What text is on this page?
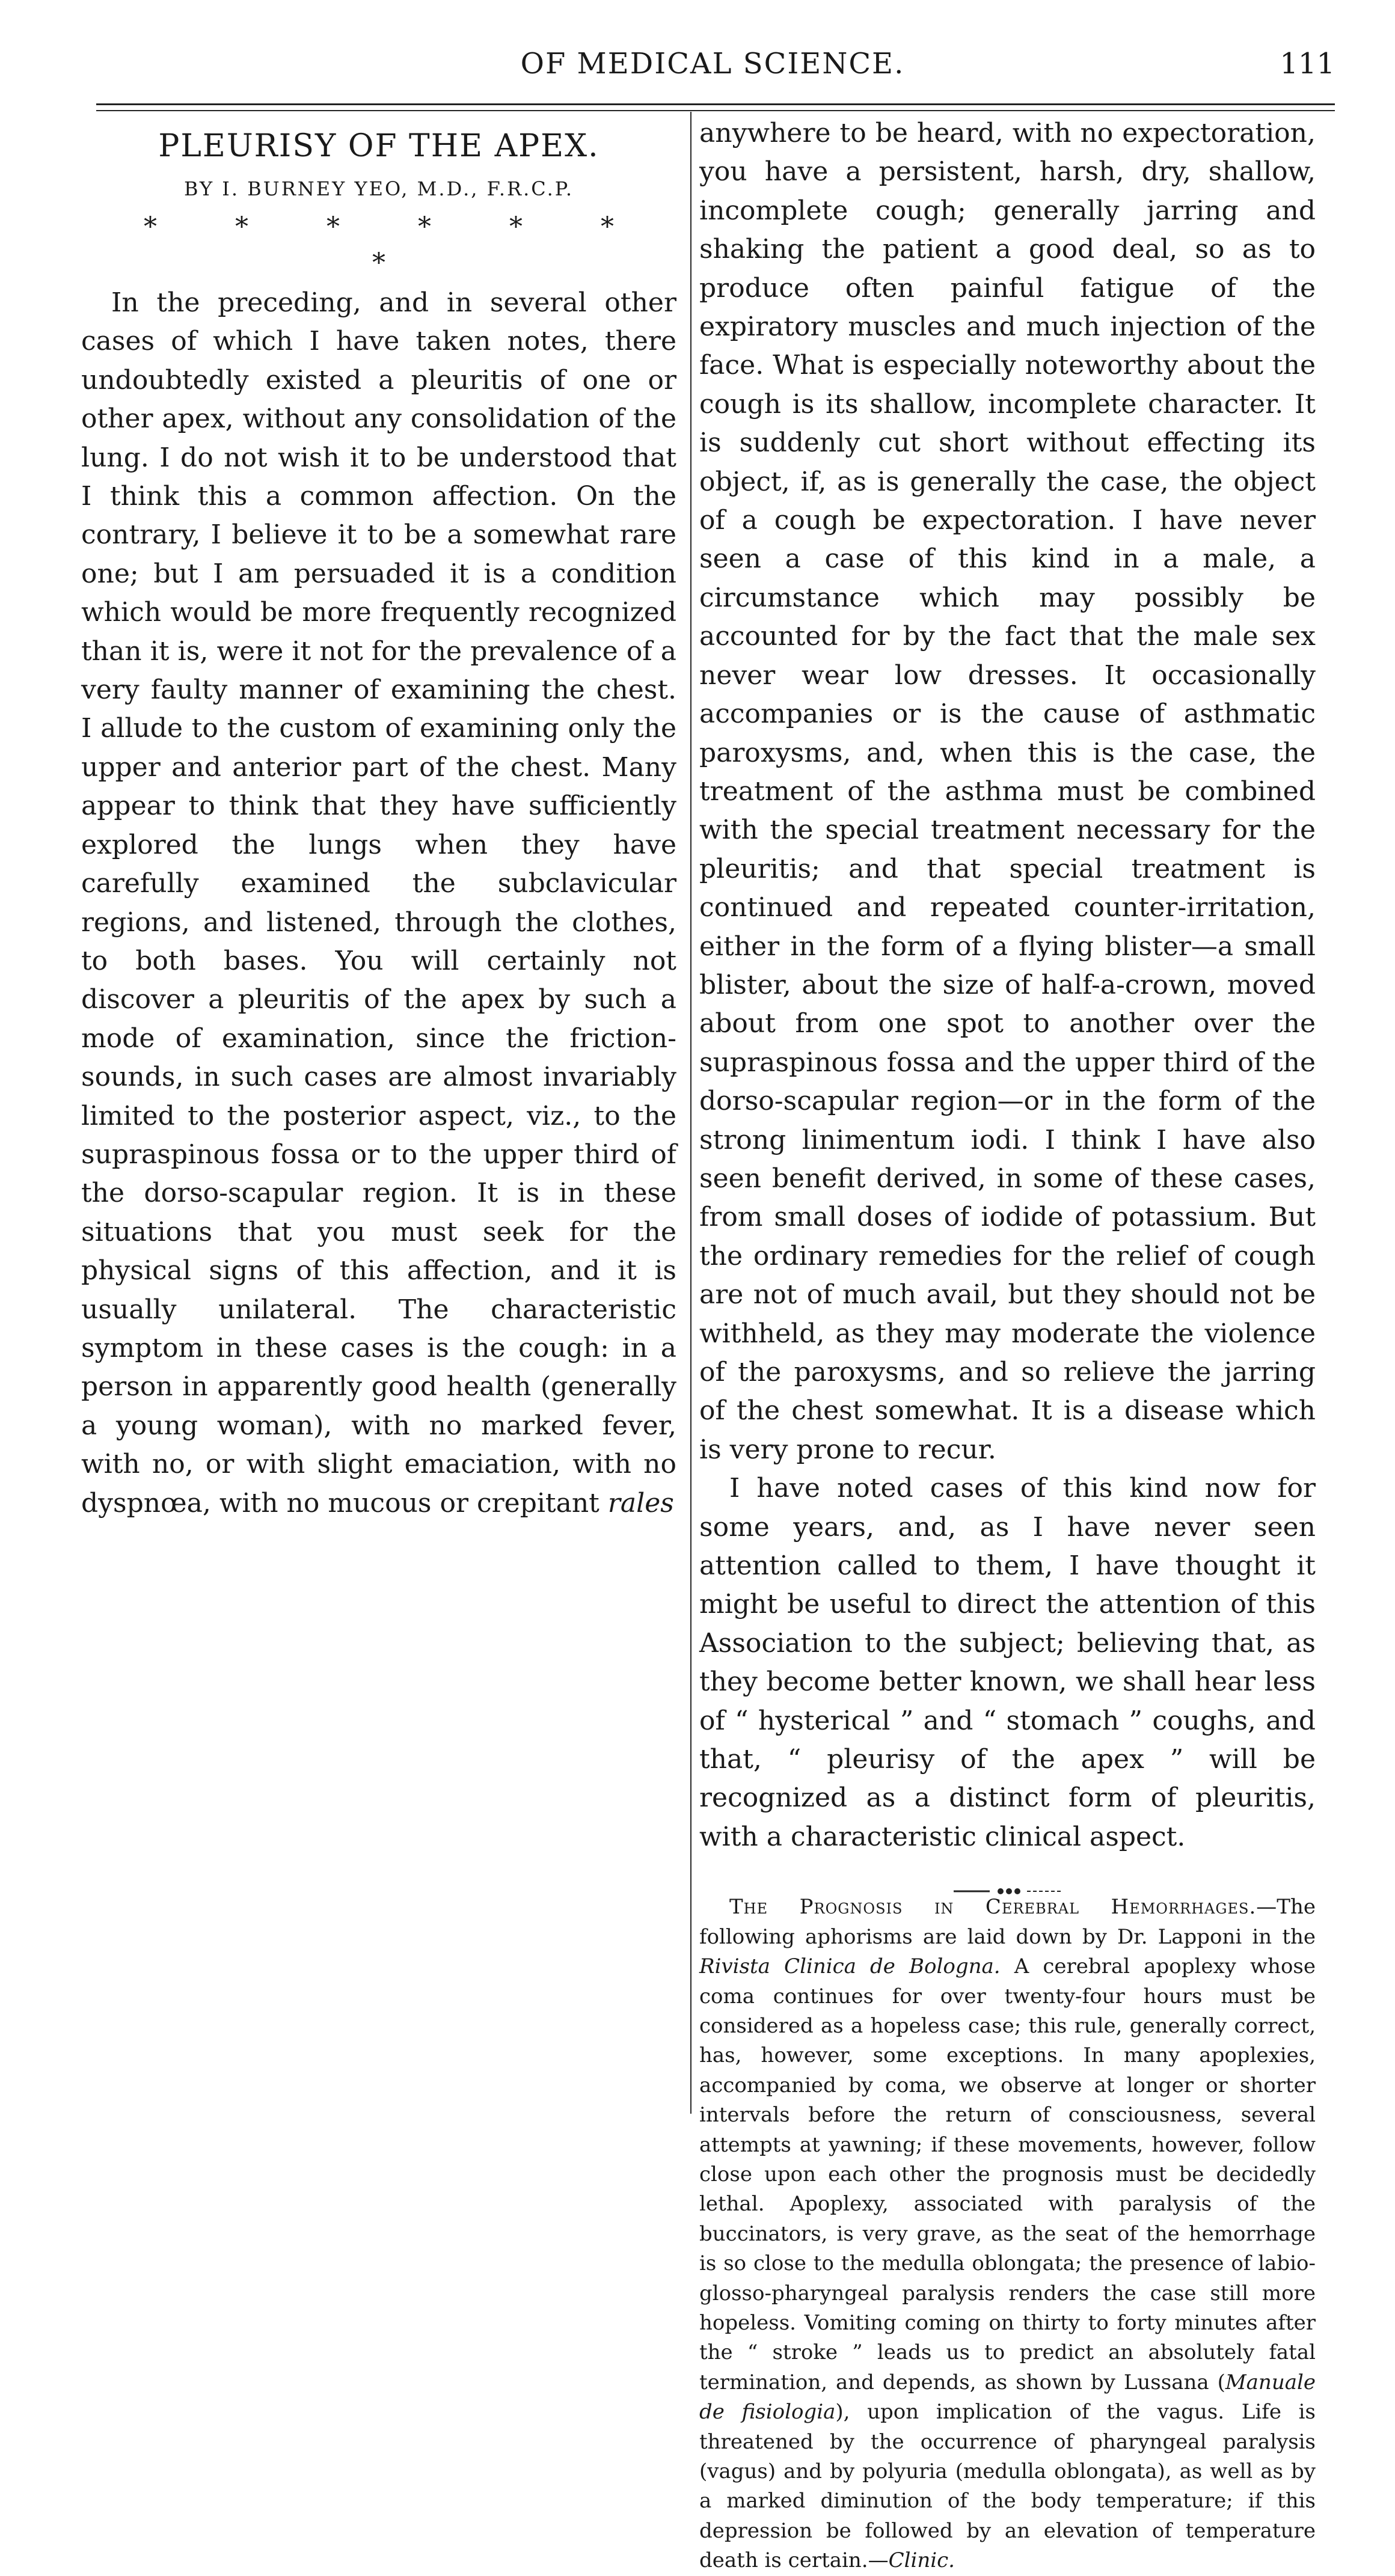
OF MEDICAL SCIENCE.	111
PLEURISY OF THE APEX.
BY I. BURNEY YEO, M.D., F.R.C.P.
* * * * * * *

In the preceding, and in several other cases of which I have taken notes, there undoubtedly existed a pleuritis of one or other apex, without any consolidation of the lung. I do not wish it to be understood that I think this a common affection. On the contrary, I believe it to be a somewhat rare one; but I am persuaded it is a condition which would be more frequently recognized than it is, were it not for the prevalence of a very faulty manner of examining the chest. I allude to the custom of examining only the upper and anterior part of the chest. Many appear to think that they have sufficiently explored the lungs when they have carefully examined the subclavicular regions, and listened, through the clothes, to both bases. You will certainly not discover a pleuritis of the apex by such a mode of examination, since the friction-sounds, in such cases are almost invariably limited to the posterior aspect, viz., to the supraspinous fossa or to the upper third of the dorso-scapular region. It is in these situations that you must seek for the physical signs of this affection, and it is usually unilateral. The characteristic symptom in these cases is the cough: in a person in apparently good health (generally a young woman), with no marked fever, with no, or with slight emaciation, with no dyspnœa, with no mucous or crepitant rales

anywhere to be heard, with no expectoration, you have a persistent, harsh, dry, shallow, incomplete cough; generally jarring and shaking the patient a good deal, so as to produce often painful fatigue of the expiratory muscles and much injection of the face. What is especially noteworthy about the cough is its shallow, incomplete character. It is suddenly cut short without effecting its object, if, as is generally the case, the object of a cough be expectoration. I have never seen a case of this kind in a male, a circumstance which may possibly be accounted for by the fact that the male sex never wear low dresses. It occasionally accompanies or is the cause of asthmatic paroxysms, and, when this is the case, the treatment of the asthma must be combined with the special treatment necessary for the pleuritis; and that special treatment is continued and repeated counter-irritation, either in the form of a flying blister—a small blister, about the size of half-a-crown, moved about from one spot to another over the supraspinous fossa and the upper third of the dorso-scapular region—or in the form of the strong linimentum iodi. I think I have also seen benefit derived, in some of these cases, from small doses of iodide of potassium. But the ordinary remedies for the relief of cough are not of much avail, but they should not be withheld, as they may moderate the violence of the paroxysms, and so relieve the jarring of the chest somewhat. It is a disease which is very prone to recur.

I have noted cases of this kind now for some years, and, as I have never seen attention called to them, I have thought it might be useful to direct the attention of this Association to the subject; believing that, as they become better known, we shall hear less of “ hysterical ” and “ stomach ” coughs, and that, “ pleurisy of the apex ” will be recognized as a distinct form of pleuritis, with a characteristic clinical aspect.

The Prognosis in Cerebral Hemorrhages.—The following aphorisms are laid down by Dr. Lapponi in the Rivista Clinica de Bologna. A cerebral apoplexy whose coma continues for over twenty-four hours must be considered as a hopeless case; this rule, generally correct, has, however, some exceptions. In many apoplexies, accompanied by coma, we observe at longer or shorter intervals before the return of consciousness, several attempts at yawning; if these movements, however, follow close upon each other the prognosis must be decidedly lethal. Apoplexy, associated with paralysis of the buccinators, is very grave, as the seat of the hemorrhage is so close to the medulla oblongata; the presence of labio-glosso-pharyngeal paralysis renders the case still more hopeless. Vomiting coming on thirty to forty minutes after the “ stroke ” leads us to predict an absolutely fatal termination, and depends, as shown by Lussana (Manuale de fisiologia), upon implication of the vagus. Life is threatened by the occurrence of pharyngeal paralysis (vagus) and by polyuria (medulla oblongata), as well as by a marked diminution of the body temperature; if this depression be followed by an elevation of temperature death is certain.—Clinic.
